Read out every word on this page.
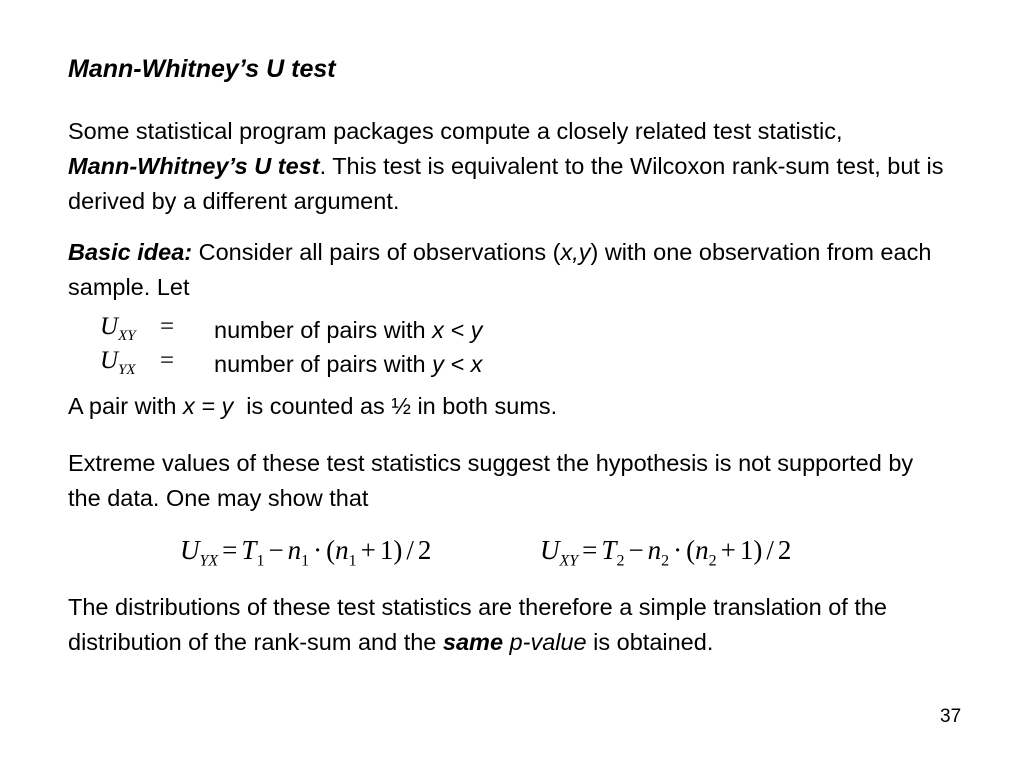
Mann-Whitney’s U test
Some statistical program packages compute a closely related test statistic,
Mann-Whitney’s U test. This test is equivalent to the Wilcoxon rank-sum test, but is derived by a different argument.
Basic idea: Consider all pairs of observations (x,y) with one observation from each sample. Let
$U_{XY}$ = number of pairs with x < y
$U_{YX}$ = number of pairs with y < x
A pair with x = y  is counted as ½ in both sums.
Extreme values of these test statistics suggest the hypothesis is not supported by the data. One may show that
$U_{YX} = T_1 - n_1 \cdot (n_1 + 1) / 2$	$U_{XY} = T_2 - n_2 \cdot (n_2 + 1) / 2$
The distributions of these test statistics are therefore a simple translation of the distribution of the rank-sum and the same p-value is obtained.
37
